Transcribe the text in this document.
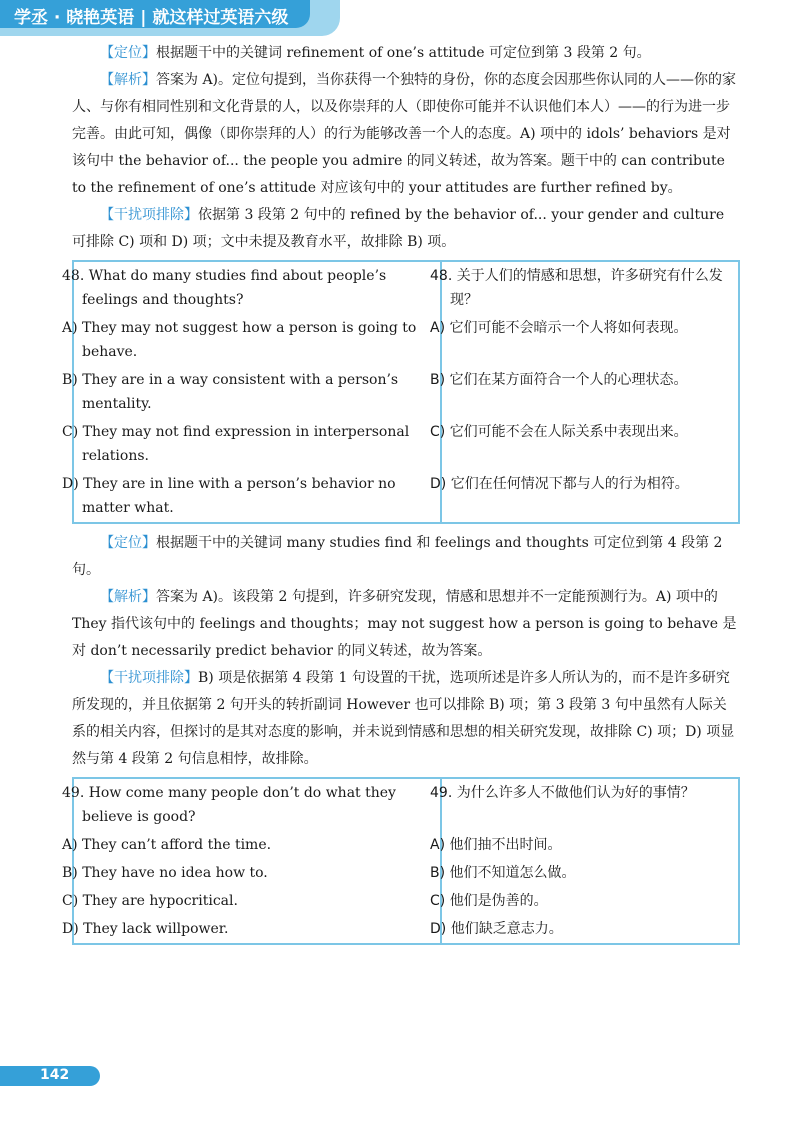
学丞 · 晓艳英语 | 就这样过英语六级

【定位】根据题干中的关键词 refinement of one’s attitude 可定位到第 3 段第 2 句。

【解析】答案为 A)。定位句提到，当你获得一个独特的身份，你的态度会因那些你认同的人——你的家人、与你有相同性别和文化背景的人，以及你崇拜的人（即使你可能并不认识他们本人）——的行为进一步完善。由此可知，偶像（即你崇拜的人）的行为能够改善一个人的态度。A) 项中的 idols’ behaviors 是对该句中 the behavior of... the people you admire 的同义转述，故为答案。题干中的 can contribute to the refinement of one’s attitude 对应该句中的 your attitudes are further refined by。

【干扰项排除】依据第 3 段第 2 句中的 refined by the behavior of... your gender and culture 可排除 C) 项和 D) 项；文中未提及教育水平，故排除 B) 项。

48. What do many studies find about people’s feelings and thoughts?	48. 关于人们的情感和思想，许多研究有什么发现？
A) They may not suggest how a person is going to behave.	A) 它们可能不会暗示一个人将如何表现。
B) They are in a way consistent with a person’s mentality.	B) 它们在某方面符合一个人的心理状态。
C) They may not find expression in interpersonal relations.	C) 它们可能不会在人际关系中表现出来。
D) They are in line with a person’s behavior no matter what.	D) 它们在任何情况下都与人的行为相符。

【定位】根据题干中的关键词 many studies find 和 feelings and thoughts 可定位到第 4 段第 2 句。

【解析】答案为 A)。该段第 2 句提到，许多研究发现，情感和思想并不一定能预测行为。A) 项中的 They 指代该句中的 feelings and thoughts；may not suggest how a person is going to behave 是对 don’t necessarily predict behavior 的同义转述，故为答案。

【干扰项排除】B) 项是依据第 4 段第 1 句设置的干扰，选项所述是许多人所认为的，而不是许多研究所发现的，并且依据第 2 句开头的转折副词 However 也可以排除 B) 项；第 3 段第 3 句中虽然有人际关系的相关内容，但探讨的是其对态度的影响，并未说到情感和思想的相关研究发现，故排除 C) 项；D) 项显然与第 4 段第 2 句信息相悖，故排除。

49. How come many people don’t do what they believe is good?	49. 为什么许多人不做他们认为好的事情？
A) They can’t afford the time.	A) 他们抽不出时间。
B) They have no idea how to.	B) 他们不知道怎么做。
C) They are hypocritical.	C) 他们是伪善的。
D) They lack willpower.	D) 他们缺乏意志力。
142
